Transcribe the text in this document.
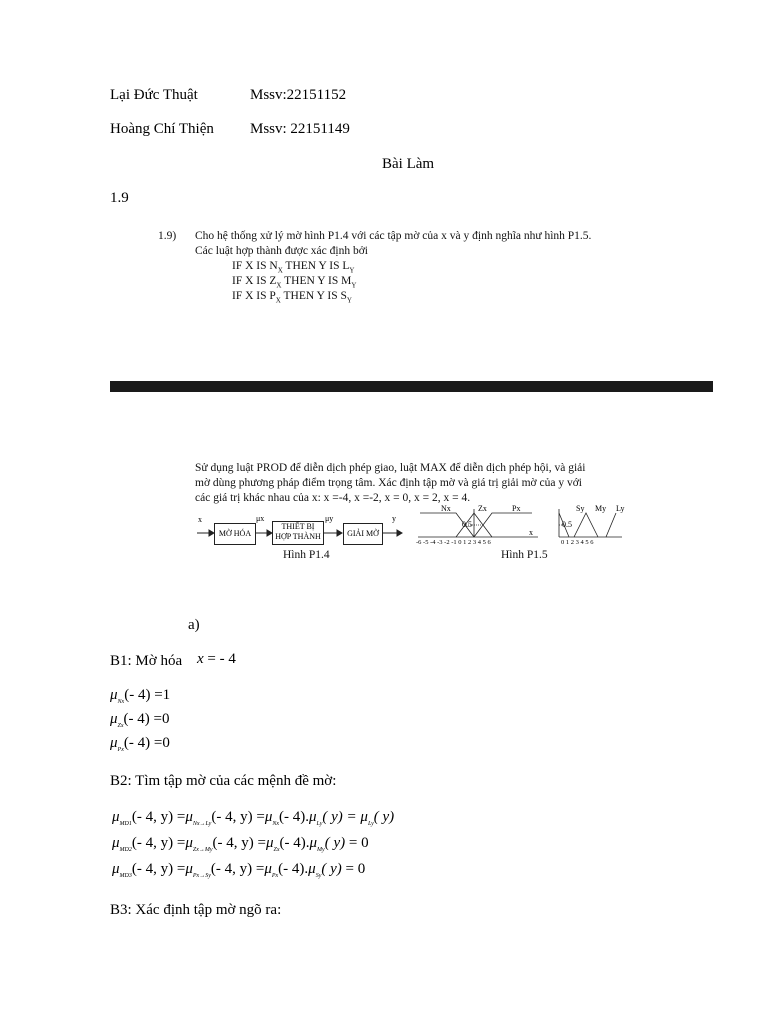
Lại Đức Thuật	Mssv:22151152
Hoàng Chí Thiện Mssv: 22151149
Bài Làm
1.9
1.9) Cho hệ thống xử lý mờ hình P1.4 với các tập mờ của x và y định nghĩa như hình P1.5.
Các luật hợp thành được xác định bởi
IF X IS $N_X$ THEN Y IS $L_Y$
IF X IS $Z_X$ THEN Y IS $M_Y$
IF X IS $P_X$ THEN Y IS $S_Y$
Sử dụng luật PROD để diễn dịch phép giao, luật MAX để diễn dịch phép hội, và giải
mờ dùng phương pháp điểm trọng tâm. Xác định tập mờ và giá trị giải mờ của y với
các giá trị khác nhau của x: x =-4, x =-2, x = 0, x = 2, x = 4.
x
MỜ HÓA
μx
THIẾT BỊ
HỢP THÀNH
μy
GIẢI MỜ
y
Hình P1.4
Nx	Zx	Px
x
0.5
-6 -5 -4 -3 -2 -1 0 1 2 3 4 5 6
Sy My Ly
0.5
0 1 2 3 4 5 6
Hình P1.5
a)
B1: Mờ hóa x = - 4
$\mu_{Nx}(-$ 4) =1
$\mu_{Zx}(-$ 4) =0
$\mu_{Px}(-$ 4) =0
B2: Tìm tập mờ của các mệnh đề mờ:
$\mu_{MD1}(-$ 4, $y) =\mu_{Nx\to Ly}(-$ 4, $y) =\mu_{Nx}(-$ $4).\mu_{Ly}$( $y) = \mu_{Ly}$( y)
$\mu_{MD2}(-$ 4, $y) =\mu_{Zx\to My}(-$ 4, $y) =\mu_{Zx}(-$ $4).\mu_{My}$( y) = 0
$\mu_{MD3}(-$ 4, $y) =\mu_{Px\to Sy}(-$ 4, $y) =\mu_{Px}(-$ $4).\mu_{Sy}$( y) = 0
B3: Xác định tập mờ ngõ ra:
